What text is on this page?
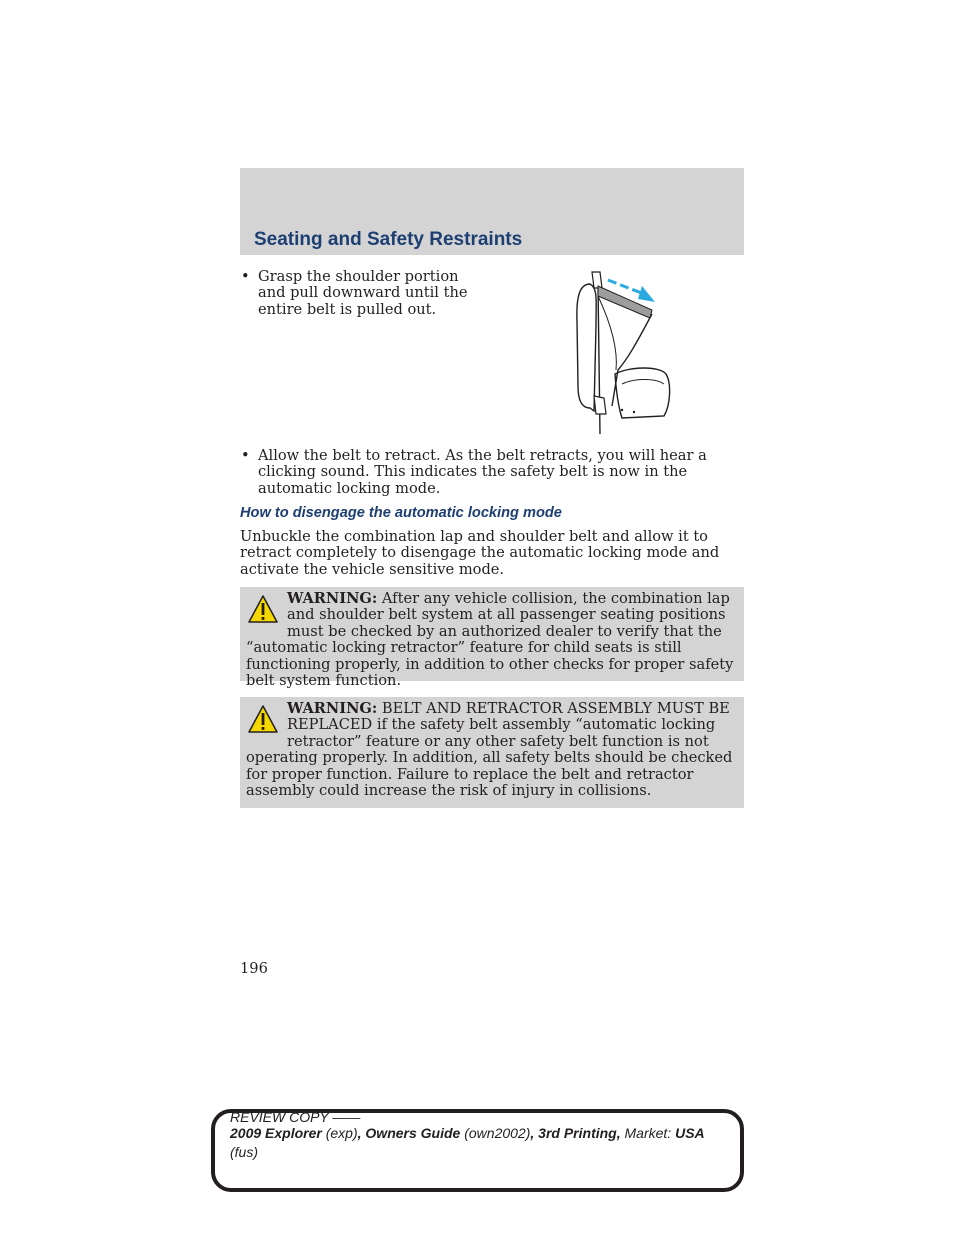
Seating and Safety Restraints
• Grasp the shoulder portion and pull downward until the entire belt is pulled out.
• Allow the belt to retract. As the belt retracts, you will hear a clicking sound. This indicates the safety belt is now in the automatic locking mode.
How to disengage the automatic locking mode

Unbuckle the combination lap and shoulder belt and allow it to retract completely to disengage the automatic locking mode and activate the vehicle sensitive mode.

WARNING: After any vehicle collision, the combination lap and shoulder belt system at all passenger seating positions must be checked by an authorized dealer to verify that the “automatic locking retractor” feature for child seats is still functioning properly, in addition to other checks for proper safety belt system function.

WARNING: BELT AND RETRACTOR ASSEMBLY MUST BE REPLACED if the safety belt assembly “automatic locking retractor” feature or any other safety belt function is not operating properly. In addition, all safety belts should be checked for proper function. Failure to replace the belt and retractor assembly could increase the risk of injury in collisions.

196
REVIEW COPY ——
2009 Explorer (exp), Owners Guide (own2002), 3rd Printing, Market: USA
(fus)
